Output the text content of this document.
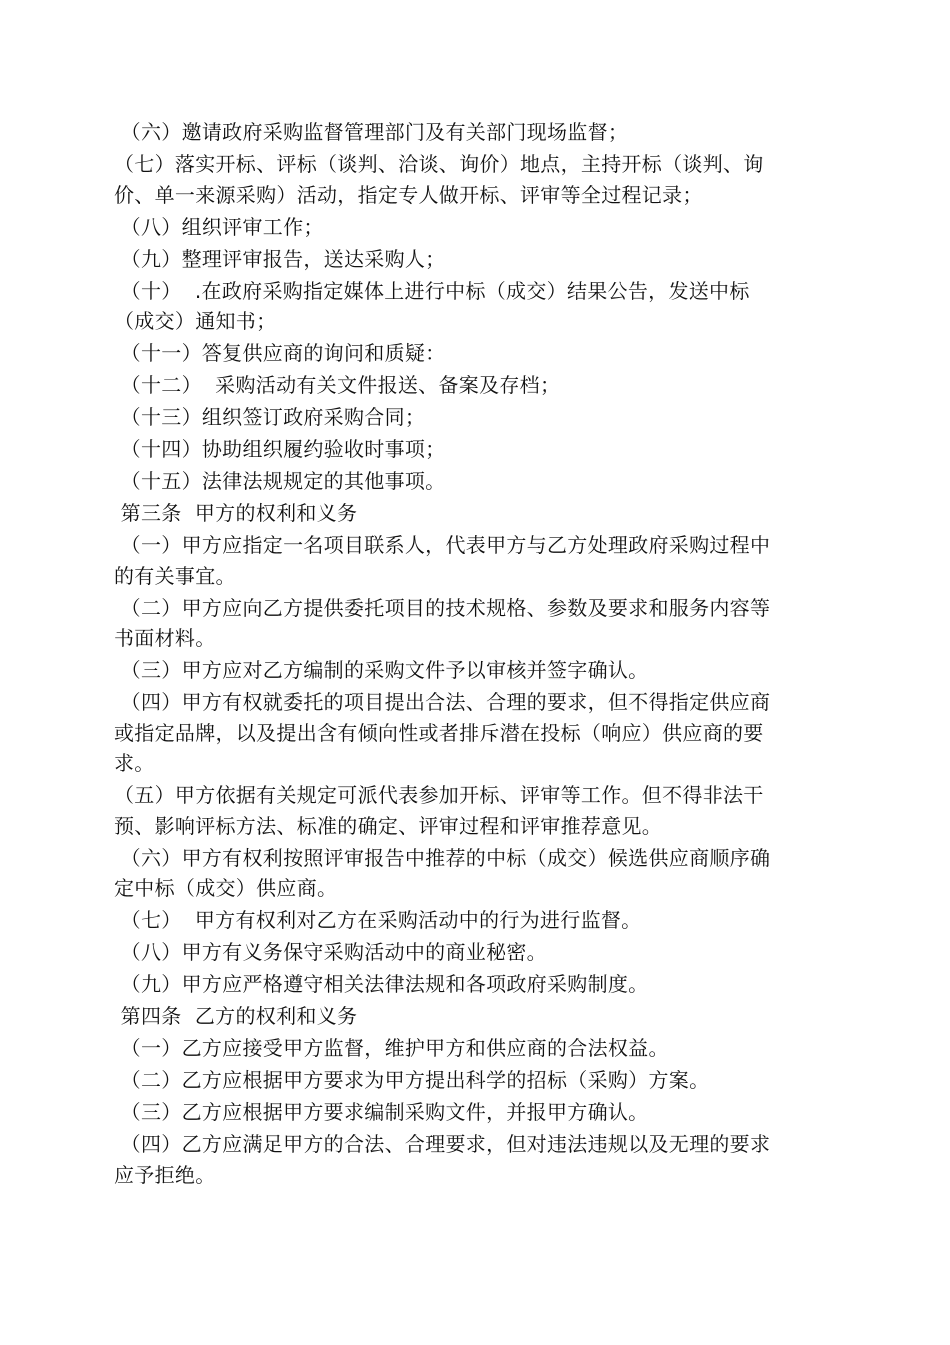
（六）邀请政府采购监督管理部门及有关部门现场监督；

（七）落实开标、评标（谈判、洽谈、询价）地点，主持开标（谈判、询价、单一来源采购）活动，指定专人做开标、评审等全过程记录；

（八）组织评审工作；

（九）整理评审报告，送达采购人；

（十）  .在政府采购指定媒体上进行中标（成交）结果公告，发送中标（成交）通知书；

（十一）答复供应商的询问和质疑：

（十二）  采购活动有关文件报送、备案及存档；

（十三）组织签订政府采购合同；

（十四）协助组织履约验收时事项；

（十五）法律法规规定的其他事项。

第三条  甲方的权利和义务

（一）甲方应指定一名项目联系人，代表甲方与乙方处理政府采购过程中的有关事宜。

（二）甲方应向乙方提供委托项目的技术规格、参数及要求和服务内容等书面材料。

（三）甲方应对乙方编制的采购文件予以审核并签字确认。

（四）甲方有权就委托的项目提出合法、合理的要求，但不得指定供应商或指定品牌，以及提出含有倾向性或者排斥潜在投标（响应）供应商的要求。

（五）甲方依据有关规定可派代表参加开标、评审等工作。但不得非法干预、影响评标方法、标准的确定、评审过程和评审推荐意见。

（六）甲方有权利按照评审报告中推荐的中标（成交）候选供应商顺序确定中标（成交）供应商。

（七）  甲方有权利对乙方在采购活动中的行为进行监督。

（八）甲方有义务保守采购活动中的商业秘密。

（九）甲方应严格遵守相关法律法规和各项政府采购制度。

第四条  乙方的权利和义务

（一）乙方应接受甲方监督，维护甲方和供应商的合法权益。

（二）乙方应根据甲方要求为甲方提出科学的招标（采购）方案。

（三）乙方应根据甲方要求编制采购文件，并报甲方确认。

（四）乙方应满足甲方的合法、合理要求，但对违法违规以及无理的要求应予拒绝。
